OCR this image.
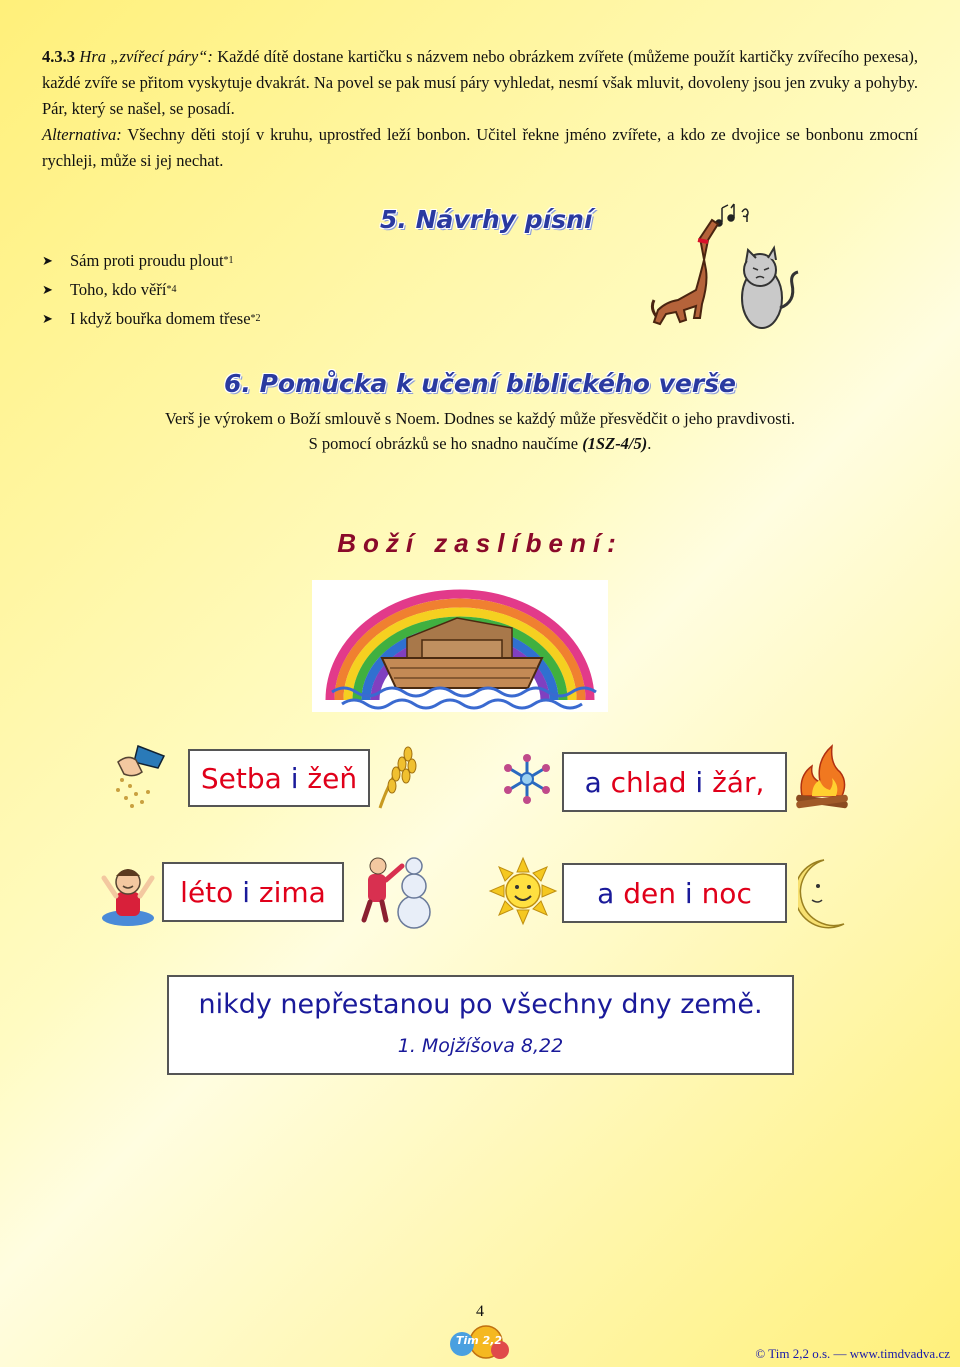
4.3.3 Hra „zvířecí páry“: Každé dítě dostane kartičku s názvem nebo obrázkem zvířete (můžeme použít kartičky zvířecího pexesa), každé zvíře se přitom vyskytuje dvakrát. Na povel se pak musí páry vyhledat, nesmí však mluvit, dovoleny jsou jen zvuky a pohyby. Pár, který se našel, se posadí.
Alternativa: Všechny děti stojí v kruhu, uprostřed leží bonbon. Učitel řekne jméno zvířete, a kdo ze dvojice se bonbonu zmocní rychleji, může si jej nechat.
5. Návrhy písní
➤	Sám proti proudu plout *1
➤	Toho, kdo věří *4
➤	I když bouřka domem třese *2
6. Pomůcka k učení biblického verše
Verš je výrokem o Boží smlouvě s Noem. Dodnes se každý může přesvědčit o jeho pravdivosti.
S pomocí obrázků se ho snadno naučíme (1SZ-4/5).
Boží zaslíbení:
Setba i žeň	a chlad i žár,
léto i zima	a den i noc
nikdy nepřestanou po všechny dny země.
1. Mojžíšova 8,22
4
Tim 2,2
© Tim 2,2 o.s. — www.timdvadva.cz
